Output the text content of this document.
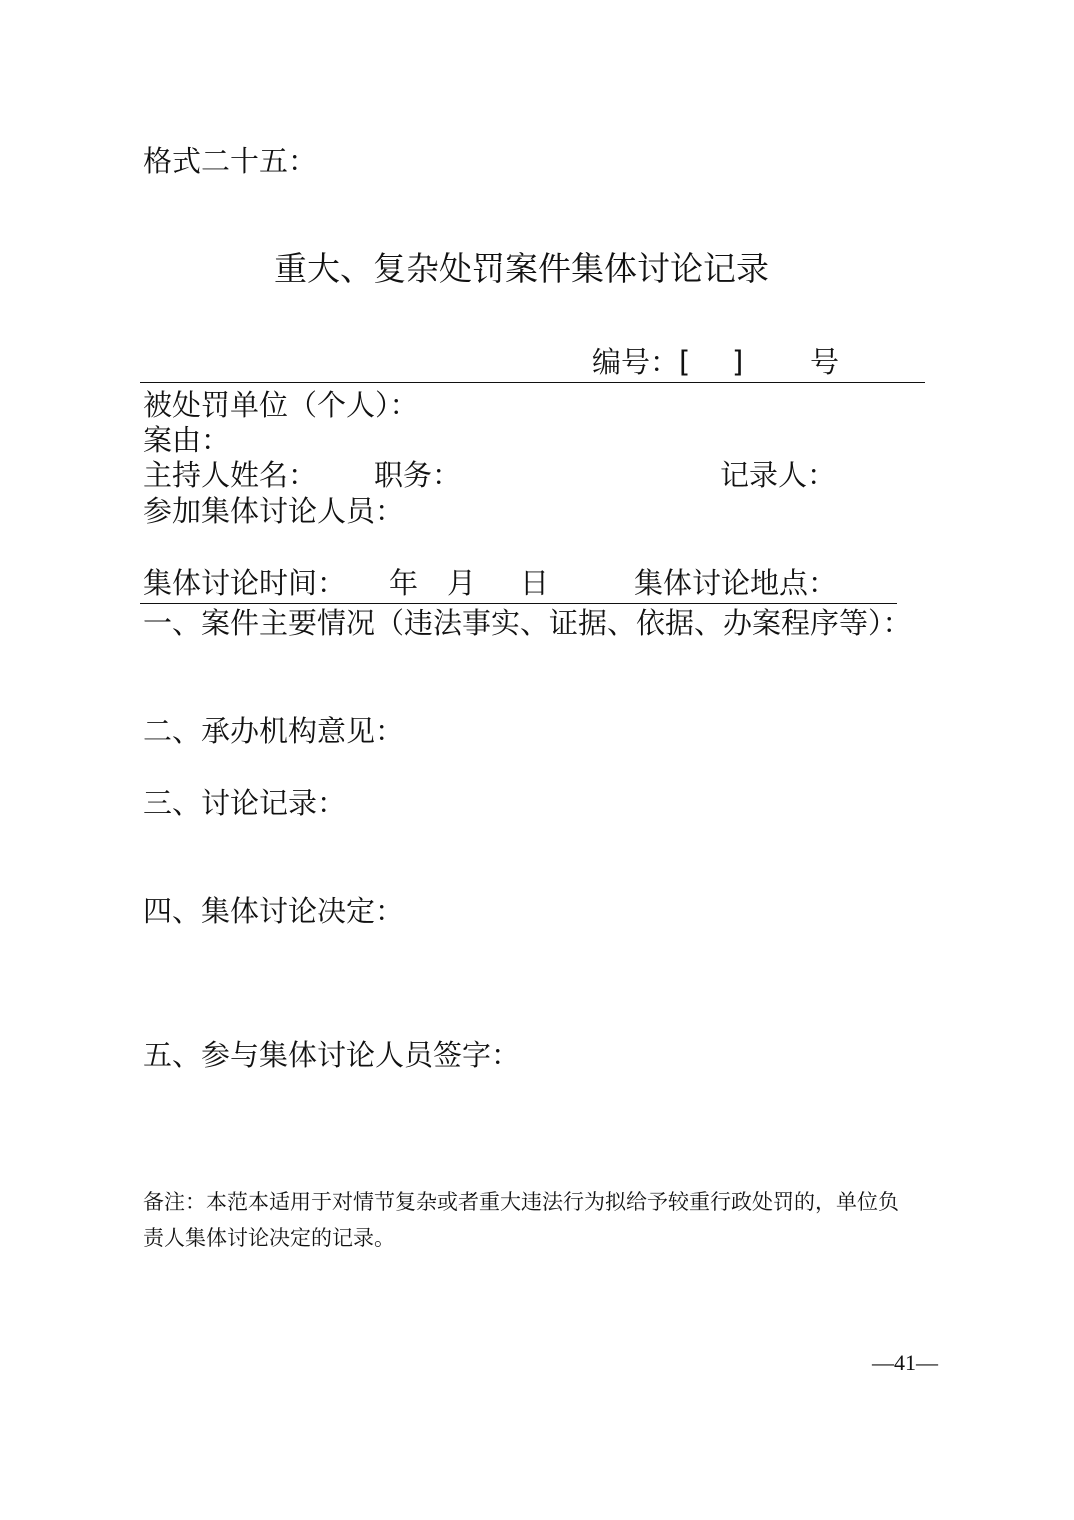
格式二十五：
重大、复杂处罚案件集体讨论记录
编号：[ ] 号
被处罚单位（个人）：
案由：
主持人姓名： 职务：	记录人：
参加集体讨论人员：
集体讨论时间： 年 月 日	集体讨论地点：
一、案件主要情况（违法事实、证据、依据、办案程序等）：
二、承办机构意见：
三、讨论记录：
四、集体讨论决定：
五、参与集体讨论人员签字：
备注：本范本适用于对情节复杂或者重大违法行为拟给予较重行政处罚的，单位负
责人集体讨论决定的记录。
—41—
